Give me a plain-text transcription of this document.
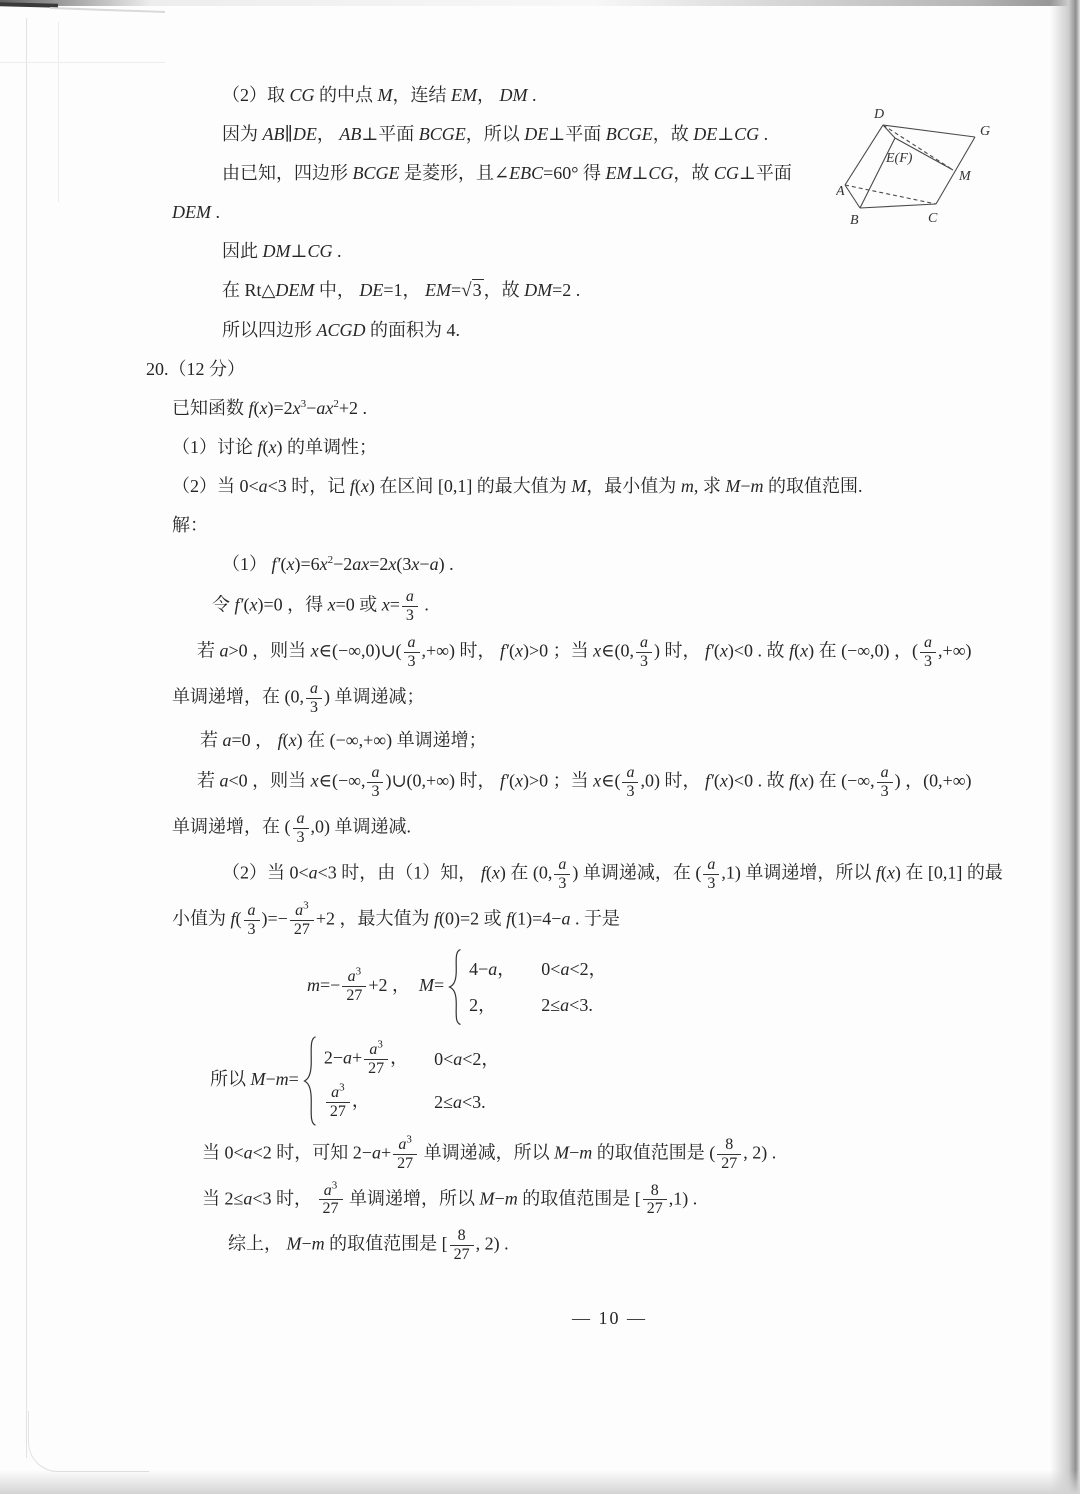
D
G
E(F)
M
A
B	C
（2）取 CG 的中点 M，连结 EM， DM .
因为 AB∥DE， AB⊥平面 BCGE，所以 DE⊥平面 BCGE，故 DE⊥CG .
由已知，四边形 BCGE 是菱形，且∠EBC=60° 得 EM⊥CG，故 CG⊥平面
DEM .
因此 DM⊥CG .
在 Rt△DEM 中， DE=1， EM=√3 ，故 DM=2 .
所以四边形 ACGD 的面积为 4.
20.（12 分）
已知函数 $f(x)=2x^3-ax^2+2$ .
（1）讨论 f(x) 的单调性；
（2）当 0<a<3 时，记 f(x) 在区间 [0,1] 的最大值为 M，最小值为 m, 求 M−m 的取值范围.
解：
（1） $f'(x)=6x^2-2ax=2x(3x-a)$ .
令 f′(x)=0 ，得 x=0 或 $x= \frac{a}{3}$ .
若 a>0 ，则当 x∈(−∞,0)∪( $\frac{a}{3}$ ,+∞) 时， f′(x)>0 ；当 x∈(0, $\frac{a}{3}$ ) 时， f′(x)<0 . 故 f(x) 在 (−∞,0) ，( $\frac{a}{3}$ ,+∞)
单调递增，在 (0, $\frac{a}{3}$ ) 单调递减；
若 a=0 ， f(x) 在 (−∞,+∞) 单调递增；
若 a<0 ，则当 x∈(−∞, $\frac{a}{3}$ )∪(0,+∞) 时， f′(x)>0 ；当 x∈( $\frac{a}{3} ,0$) 时， f′(x)<0 . 故 f(x) 在 (−∞, $\frac{a}{3}$ ) ，(0,+∞)
单调递增，在 ( $\frac{a}{3} ,0$) 单调递减.
（2）当 0<a<3 时，由（1）知， f(x) 在 (0, $\frac{a}{3}$ ) 单调递减，在 ( $\frac{a}{3} ,1$) 单调递增，所以 f(x) 在 [0,1] 的最
小值为 $f( \frac{a}{3}$ )=− $\frac{a^3}{27} +2$ ，最大值为 f(0)=2 或 f(1)=4−a . 于是
$m=- \frac{a^3}{27} +2$ ，　M=
4−a，	0<a<2，
2，	2≤a<3.
所以 M−m=
$2-a+ \frac{a^3}{27}$ ，	0<a<2，

$\frac{a^3}{27}$ ，	2≤a<3.
当 0<a<2 时，可知 $2-a+ \frac{a^3}{27}$ 单调递减，所以 M−m 的取值范围是 ( $\frac{8}{27}$ , 2) .
当 2≤a<3 时， $\frac{a^3}{27}$ 单调递增，所以 M−m 的取值范围是 [ $\frac{8}{27} ,1$) .
综上， M−m 的取值范围是 [ $\frac{8}{27}$ , 2) .
— 10 —
